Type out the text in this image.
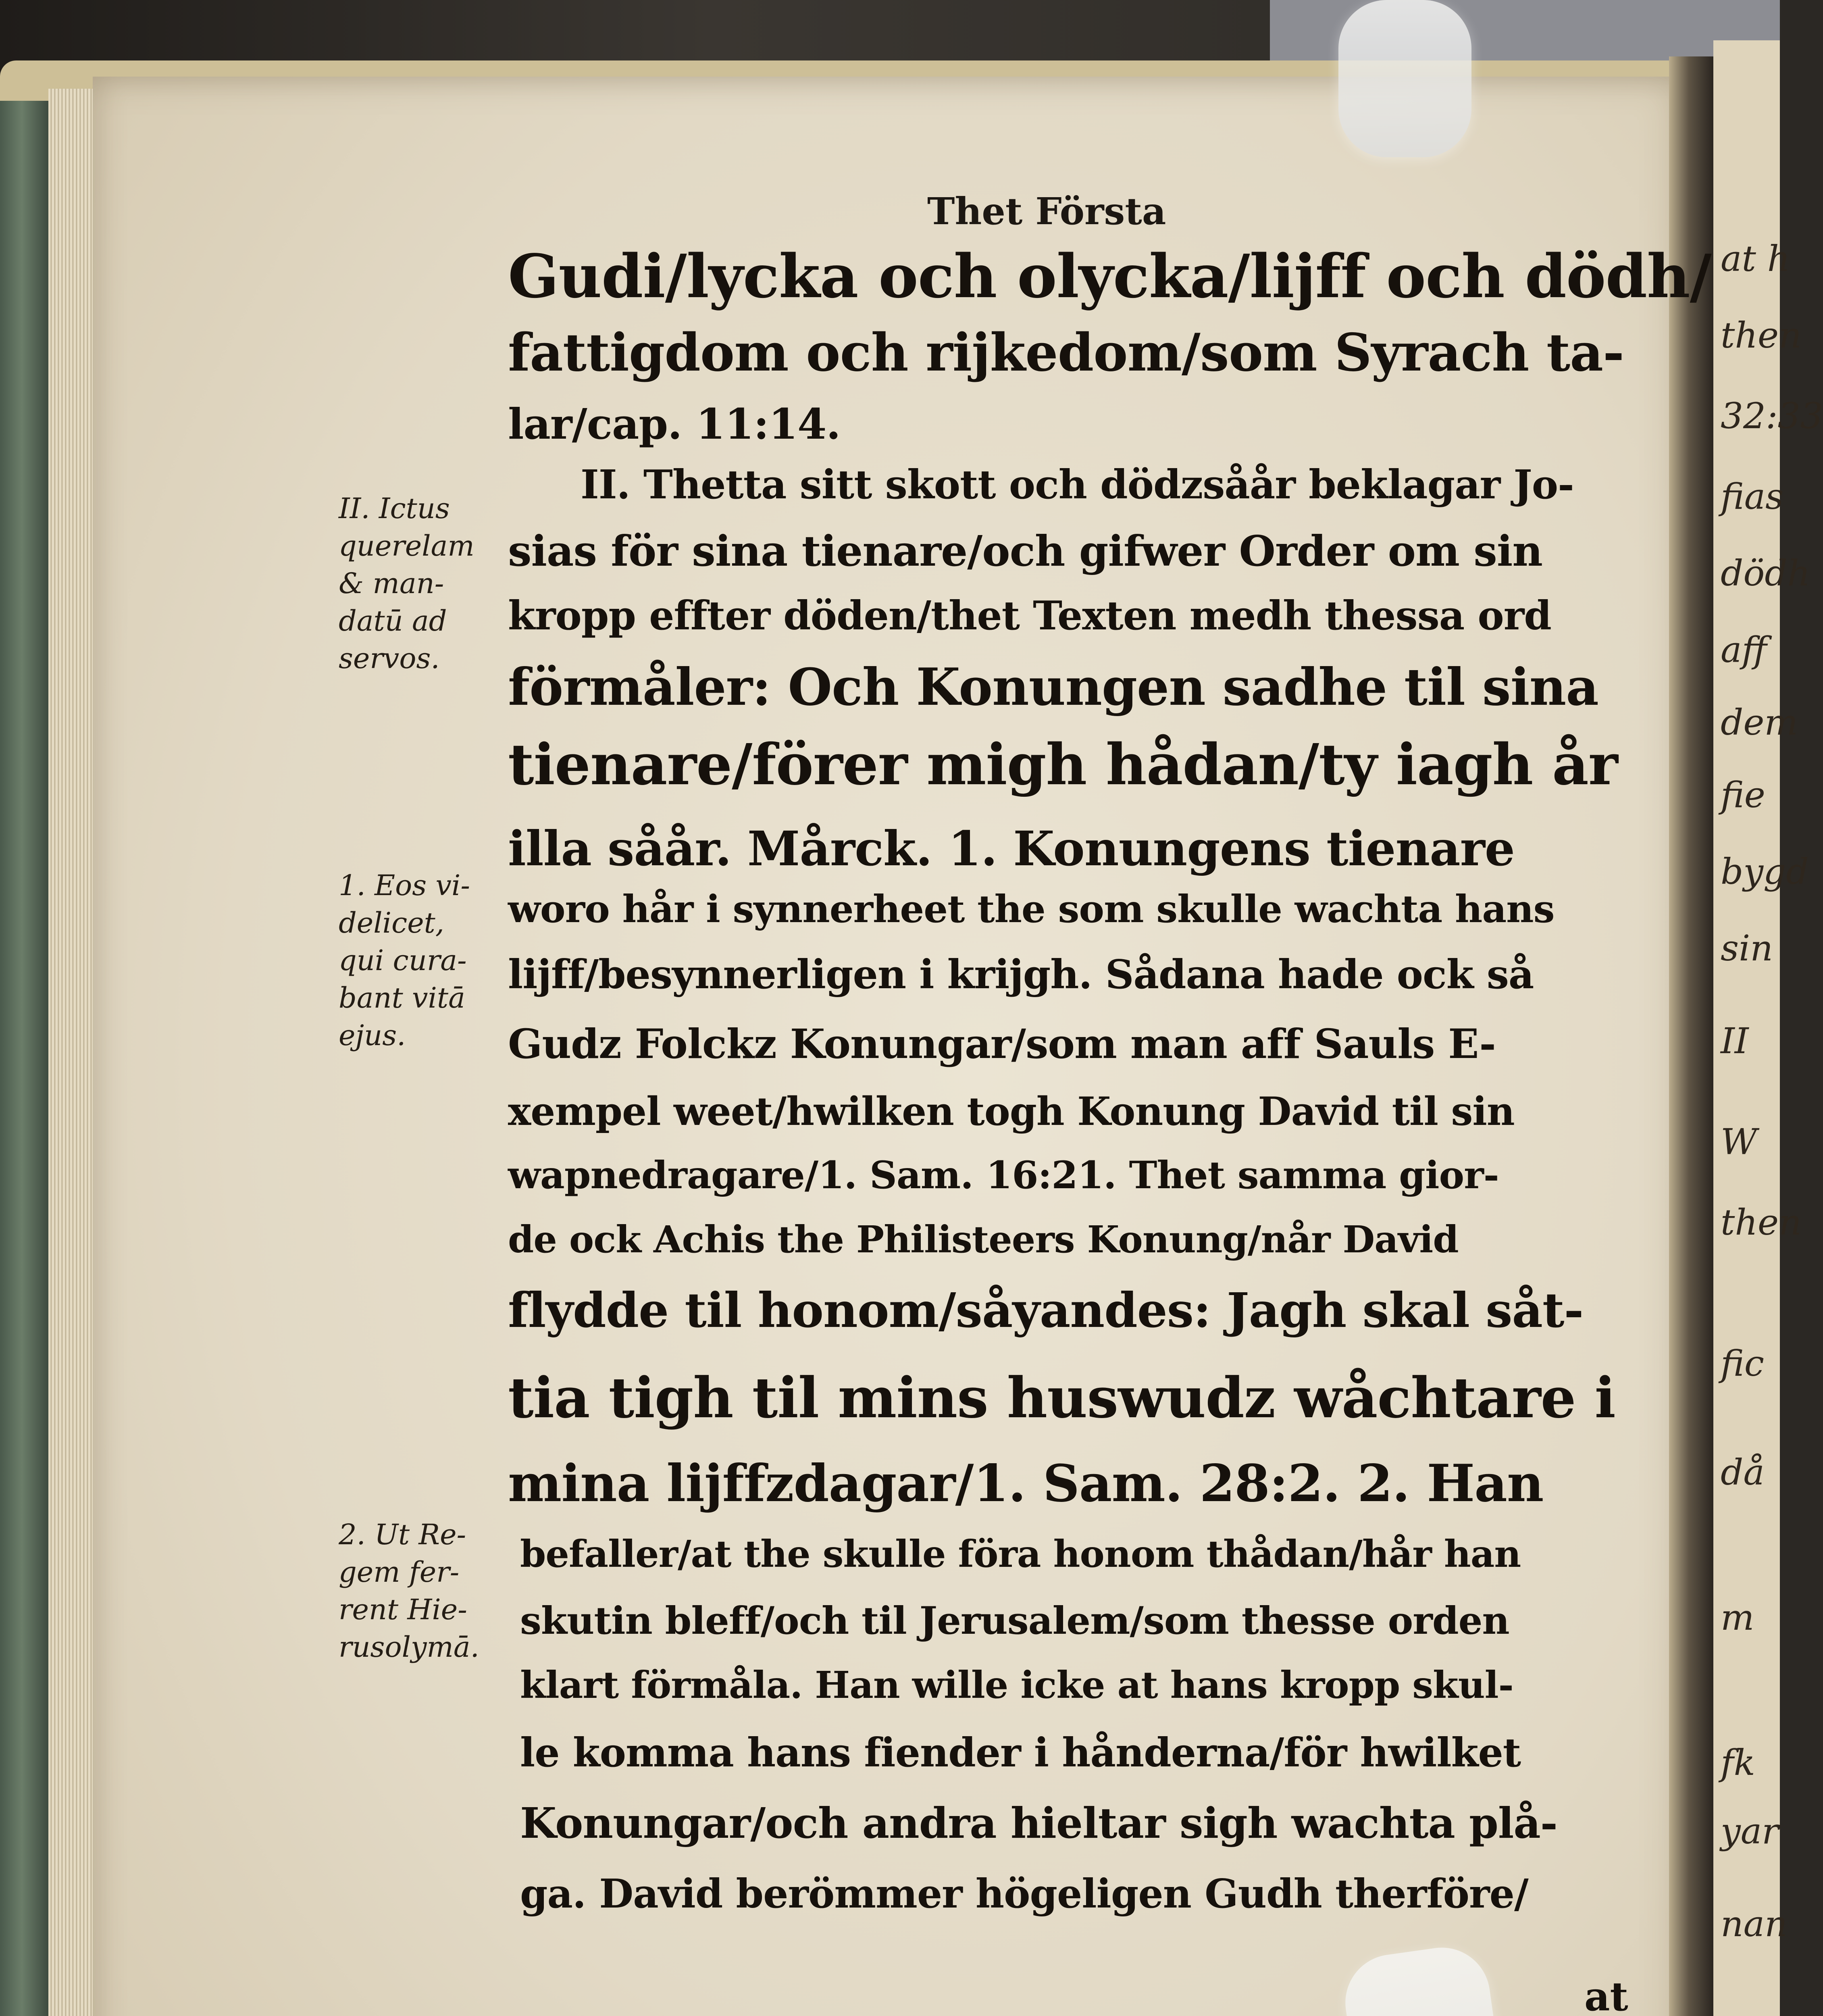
at h
then
32:33
fias
dödh
aff
dem
fie
bygd
sin
II
W
then
fic
då
m
fk
yar
nan
Thet Första
Gudi/lycka och olycka/lijff och dödh/
fattigdom och rijkedom/som Syrach ta-
lar/cap. 11:14.
II. Thetta sitt skott och dödzsåår beklagar Jo-
sias för sina tienare/och gifwer Order om sin
kropp effter döden/thet Texten medh thessa ord
förmåler: Och Konungen sadhe til sina
tienare/förer migh hådan/ty iagh år
illa såår. Mårck. 1. Konungens tienare
woro hår i synnerheet the som skulle wachta hans
lijff/besynnerligen i krijgh. Sådana hade ock så
Gudz Folckz Konungar/som man aff Sauls E-
xempel weet/hwilken togh Konung David til sin
wapnedragare/1. Sam. 16:21. Thet samma gior-
de ock Achis the Philisteers Konung/når David
flydde til honom/såyandes: Jagh skal såt-
tia tigh til mins huswudz wåchtare i
mina lijffzdagar/1. Sam. 28:2. 2. Han
befaller/at the skulle föra honom thådan/hår han
skutin bleff/och til Jerusalem/som thesse orden
klart förmåla. Han wille icke at hans kropp skul-
le komma hans fiender i hånderna/för hwilket
Konungar/och andra hieltar sigh wachta plå-
ga. David berömmer högeligen Gudh therföre/
II. Ictus
querelam
& man-
datū ad
servos.
1. Eos vi-
delicet,
qui cura-
bant vitā
ejus.
2. Ut Re-
gem fer-
rent Hie-
rusolymā.
at
